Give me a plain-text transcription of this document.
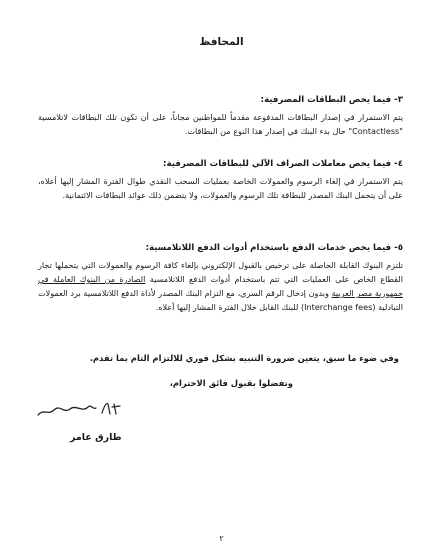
المحافظ

٣- فيما يخص البطاقات المصرفية:

يتم الاستمرار في إصدار البطاقات المدفوعة مقدماً للمواطنين مجاناً، على أن تكون تلك البطاقات لاتلامسية "Contactless" حال بدء البنك في إصدار هذا النوع من البطاقات.

٤- فيما يخص معاملات الصراف الآلي للبطاقات المصرفية:

يتم الاستمرار في إلغاء الرسوم والعمولات الخاصة بعمليات السحب النقدي طوال الفترة المشار إليها أعلاه، على أن يتحمل البنك المصدر للبطاقة تلك الرسوم والعمولات، ولا يتضمن ذلك عوائد البطاقات الائتمانية.

٥- فيما يخص خدمات الدفع باستخدام أدوات الدفع اللاتلامسية:

تلتزم البنوك القابلة الحاصلة على ترخيص بالقبول الإلكتروني بإلغاء كافة الرسوم والعمولات التي يتحملها تجار القطاع الخاص على العمليات التي تتم باستخدام أدوات الدفع اللاتلامسية الصادرة من البنوك العاملة في جمهورية مصر العربية وبدون إدخال الرقم السري، مع التزام البنك المصدر لأداة الدفع اللاتلامسية برد العمولات التبادلية (Interchange fees) للبنك القابل خلال الفترة المشار إليها أعلاه.

وفي ضوء ما سبق، يتعين ضرورة التنبيه بشكل فوري للالتزام التام بما تقدم.
وتفضلوا بقبول فائق الاحترام،
طارق عامر
٢
